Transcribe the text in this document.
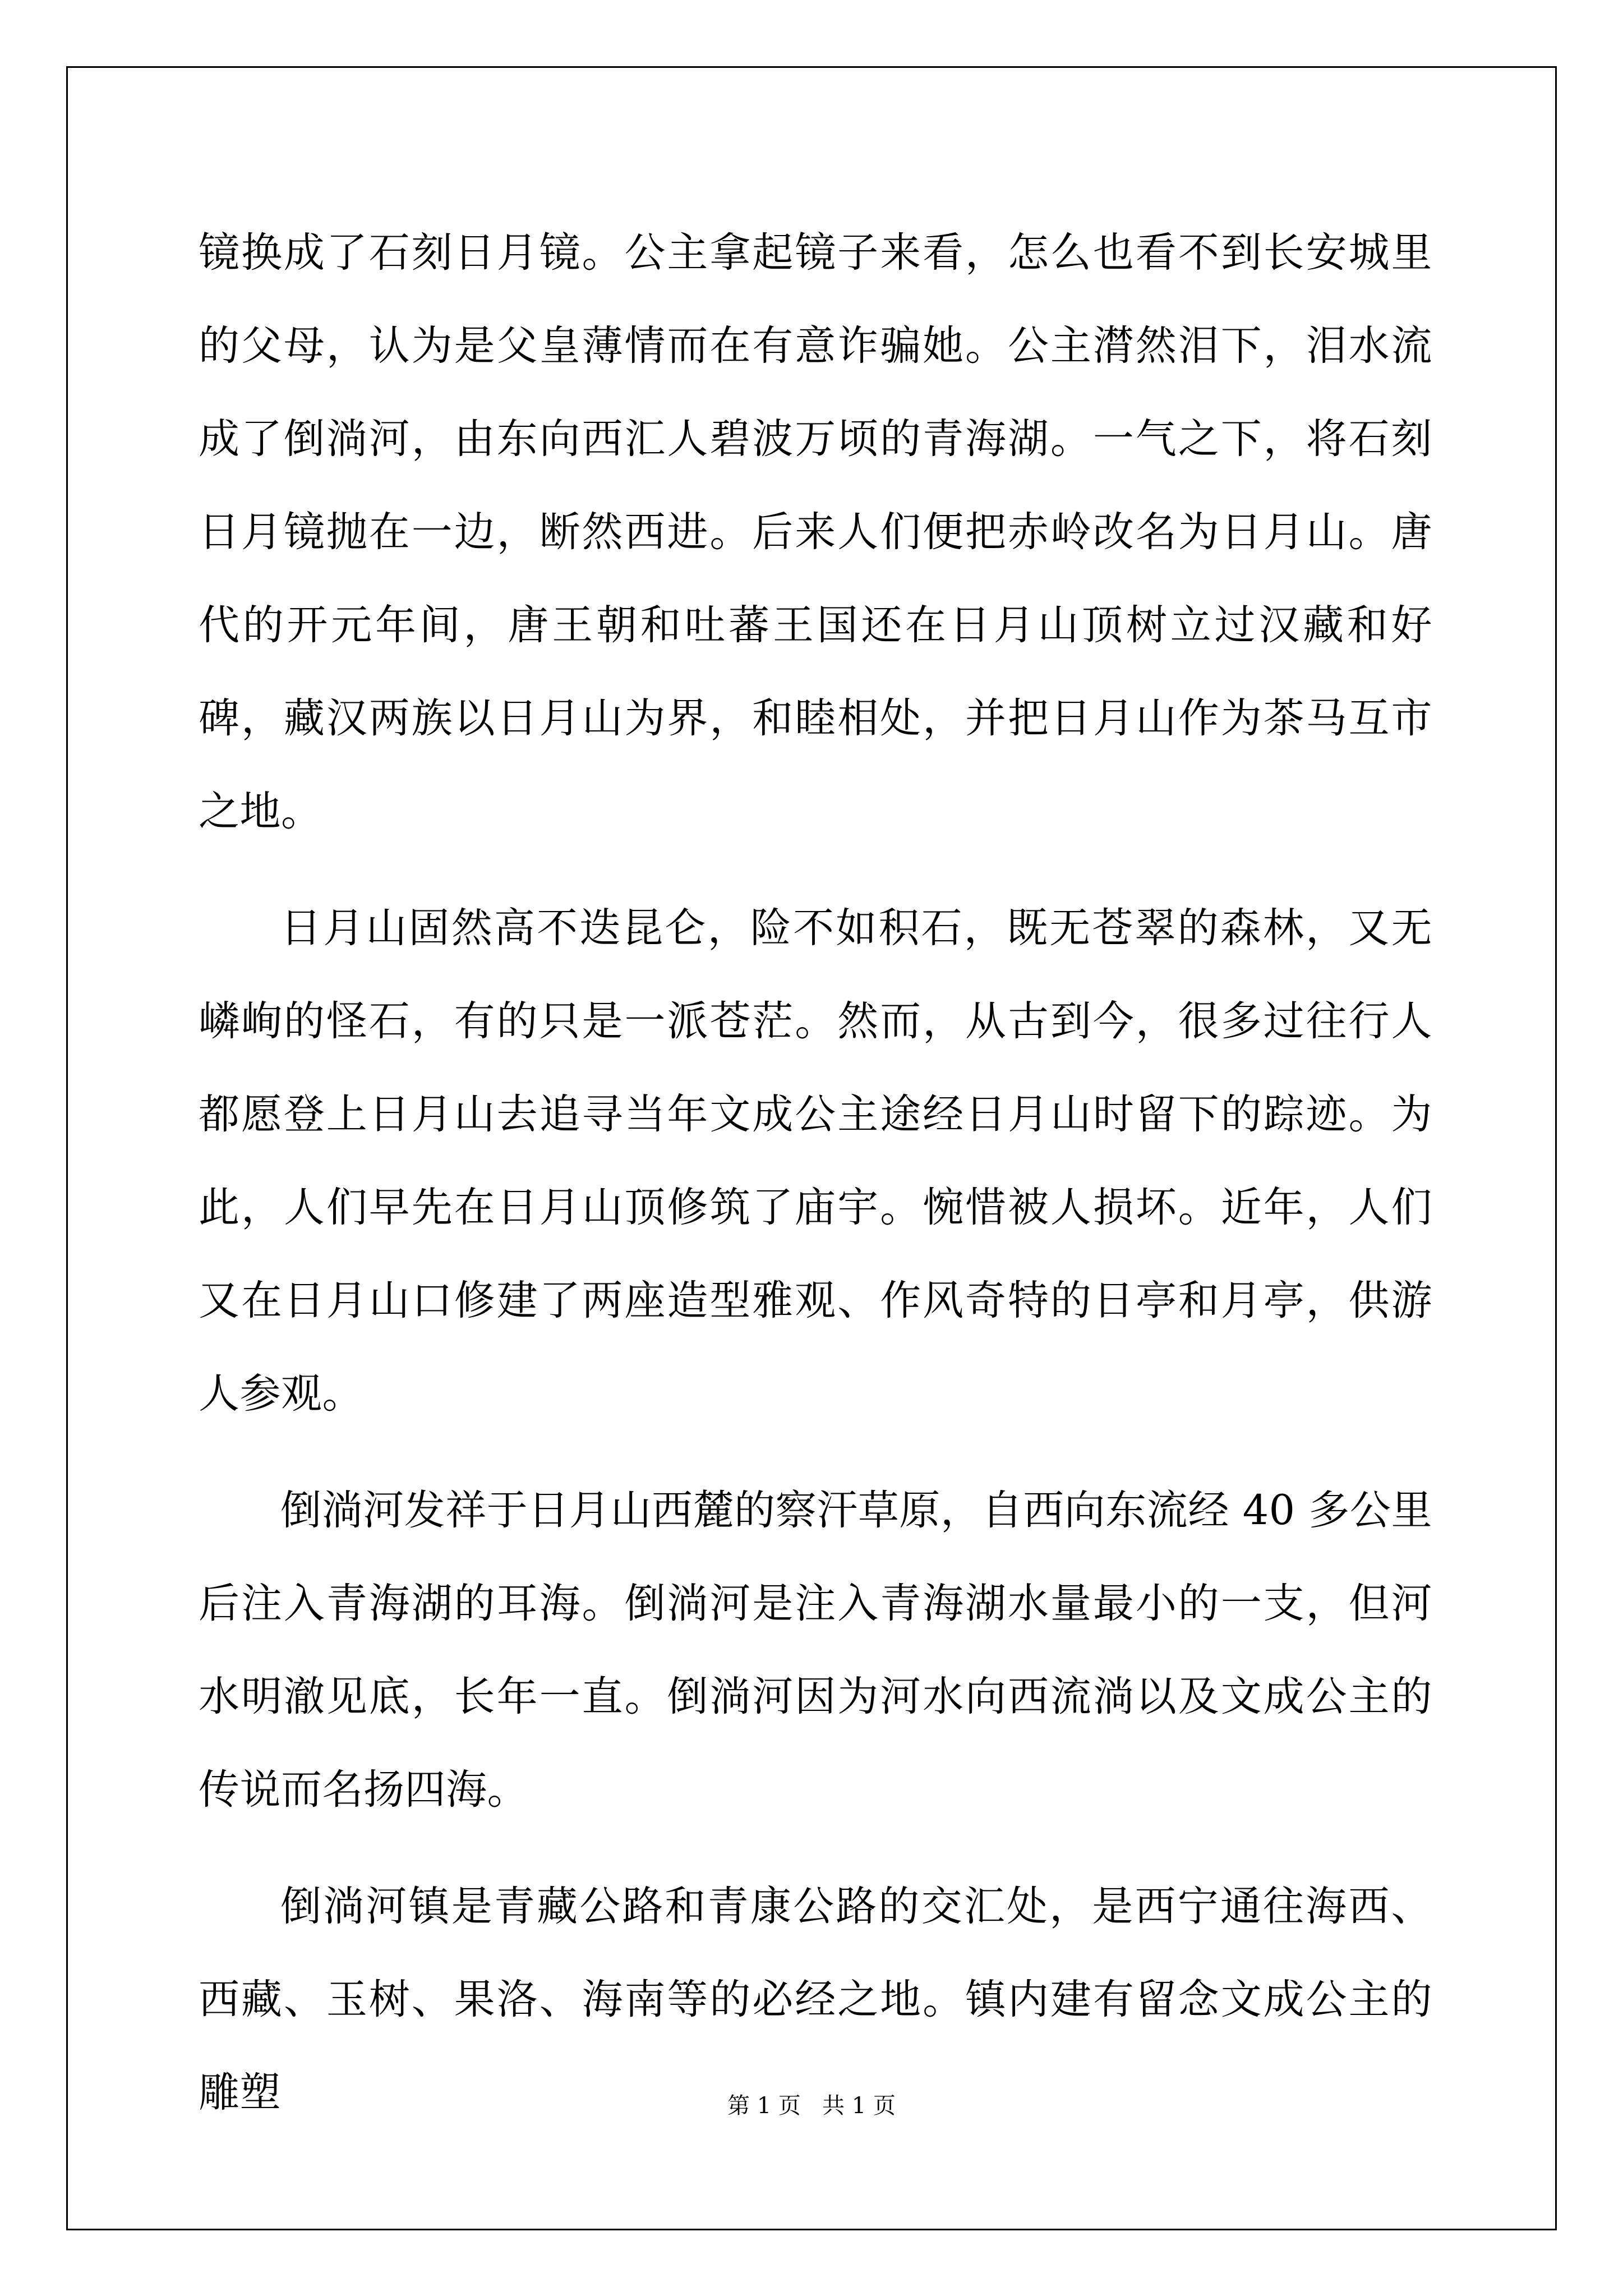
镜换成了石刻日月镜。公主拿起镜子来看，怎么也看不到长安城里的父母，认为是父皇薄情而在有意诈骗她。公主潸然泪下，泪水流成了倒淌河，由东向西汇人碧波万顷的青海湖。一气之下，将石刻日月镜抛在一边，断然西进。后来人们便把赤岭改名为日月山。唐代的开元年间，唐王朝和吐蕃王国还在日月山顶树立过汉藏和好碑，藏汉两族以日月山为界，和睦相处，并把日月山作为茶马互市之地。

日月山固然高不迭昆仑，险不如积石，既无苍翠的森林，又无嶙峋的怪石，有的只是一派苍茫。然而，从古到今，很多过往行人都愿登上日月山去追寻当年文成公主途经日月山时留下的踪迹。为此，人们早先在日月山顶修筑了庙宇。惋惜被人损坏。近年，人们又在日月山口修建了两座造型雅观、作风奇特的日亭和月亭，供游人参观。

倒淌河发祥于日月山西麓的察汗草原，自西向东流经 40 多公里后注入青海湖的耳海。倒淌河是注入青海湖水量最小的一支，但河水明澈见底，长年一直。倒淌河因为河水向西流淌以及文成公主的传说而名扬四海。

倒淌河镇是青藏公路和青康公路的交汇处，是西宁通往海西、西藏、玉树、果洛、海南等的必经之地。镇内建有留念文成公主的雕塑	第 1 页   共 1 页
